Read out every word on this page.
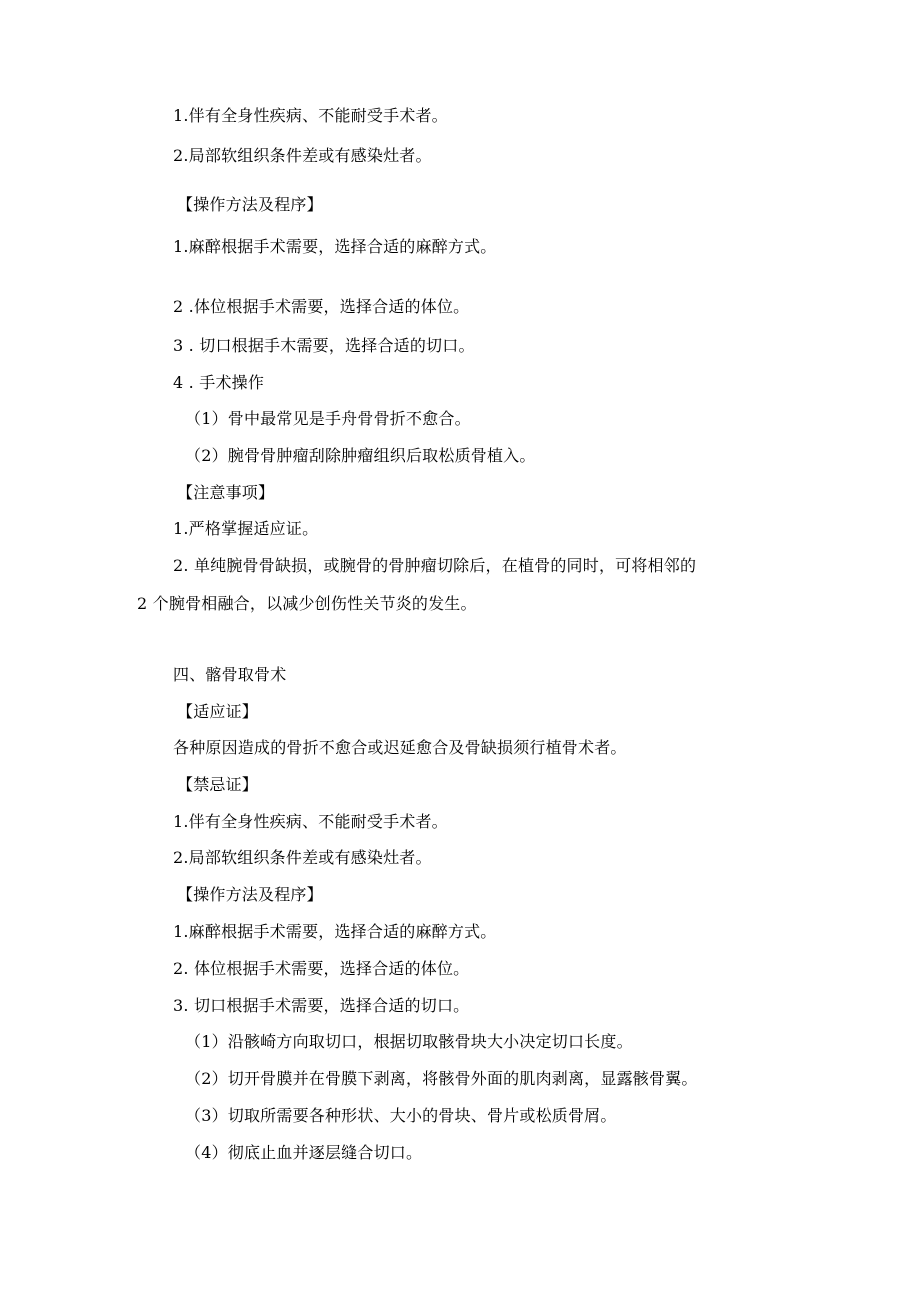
1.伴有全身性疾病、不能耐受手术者。
2.局部软组织条件差或有感染灶者。
【操作方法及程序】
1.麻醉根据手术需要，选择合适的麻醉方式。
2 .体位根据手术需要，选择合适的体位。
3 . 切口根据手木需要，选择合适的切口。
4 . 手术操作
（1）骨中最常见是手舟骨骨折不愈合。
（2）腕骨骨肿瘤刮除肿瘤组织后取松质骨植入。
【注意事项】
1.严格掌握适应证。
2. 单纯腕骨骨缺损，或腕骨的骨肿瘤切除后，在植骨的同时，可将相邻的
2 个腕骨相融合，以减少创伤性关节炎的发生。
四、髂骨取骨术
【适应证】
各种原因造成的骨折不愈合或迟延愈合及骨缺损须行植骨术者。
【禁忌证】
1.伴有全身性疾病、不能耐受手术者。
2.局部软组织条件差或有感染灶者。
【操作方法及程序】
1.麻醉根据手术需要，选择合适的麻醉方式。
2. 体位根据手术需要，选择合适的体位。
3. 切口根据手术需要，选择合适的切口。
（1）沿骸崎方向取切口，根据切取骸骨块大小决定切口长度。
（2）切开骨膜并在骨膜下剥离，将骸骨外面的肌肉剥离，显露骸骨翼。
（3）切取所需要各种形状、大小的骨块、骨片或松质骨屑。
（4）彻底止血并逐层缝合切口。
